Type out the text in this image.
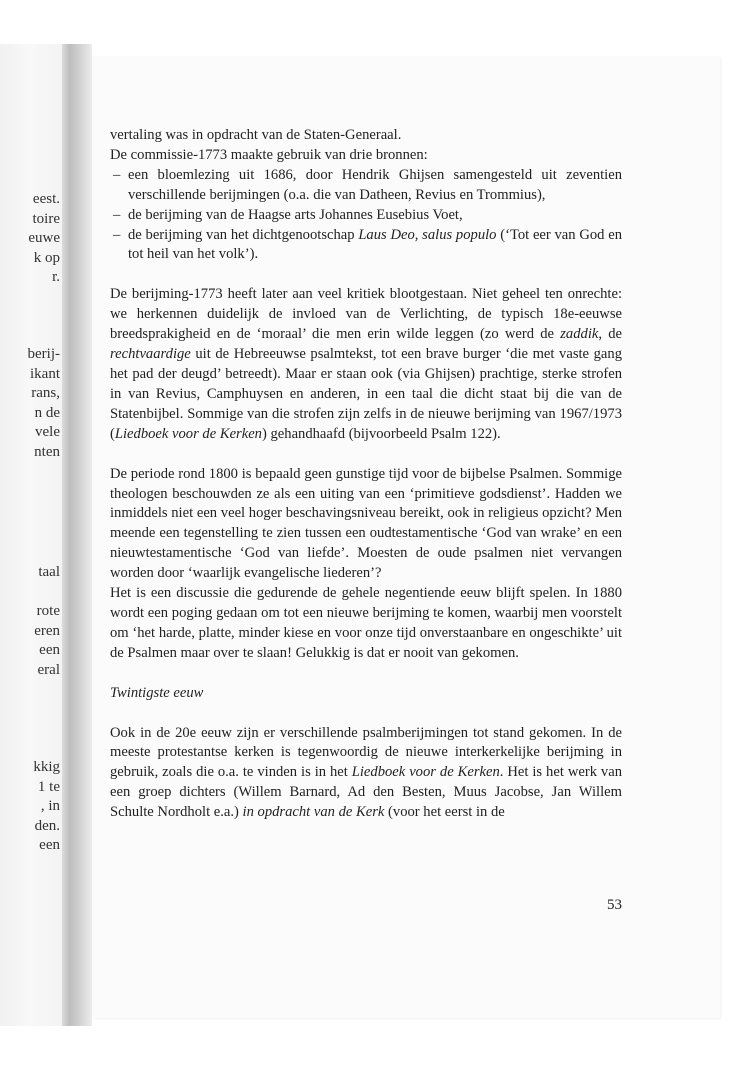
eest.
toire
euwe
k op
r.
berij-
ikant
rans,
n de
vele
nten
taal
rote
eren
een
eral
kkig
1 te
, in
den.
een

vertaling was in opdracht van de Staten-Generaal.

De commissie-1773 maakte gebruik van drie bronnen:

– een bloemlezing uit 1686, door Hendrik Ghijsen samengesteld uit zeventien verschillende berijmingen (o.a. die van Datheen, Revius en Trommius),
– de berijming van de Haagse arts Johannes Eusebius Voet,
– de berijming van het dichtgenootschap Laus Deo, salus populo (‘Tot eer van God en tot heil van het volk’).

De berijming-1773 heeft later aan veel kritiek blootgestaan. Niet geheel ten onrechte: we herkennen duidelijk de invloed van de Verlichting, de typisch 18e-eeuwse breedsprakigheid en de ‘moraal’ die men erin wilde leggen (zo werd de zaddik, de rechtvaardige uit de Hebreeuwse psalmtekst, tot een brave burger ‘die met vaste gang het pad der deugd’ betreedt). Maar er staan ook (via Ghijsen) prachtige, sterke strofen in van Revius, Camphuysen en anderen, in een taal die dicht staat bij die van de Statenbijbel. Sommige van die strofen zijn zelfs in de nieuwe berijming van 1967/1973 (Liedboek voor de Kerken) gehandhaafd (bijvoorbeeld Psalm 122).

De periode rond 1800 is bepaald geen gunstige tijd voor de bijbelse Psalmen. Sommige theologen beschouwden ze als een uiting van een ‘primitieve godsdienst’. Hadden we inmiddels niet een veel hoger beschavingsniveau bereikt, ook in religieus opzicht? Men meende een tegenstelling te zien tussen een oudtestamentische ‘God van wrake’ en een nieuwtestamentische ‘God van liefde’. Moesten de oude psalmen niet vervangen worden door ‘waarlijk evangelische liederen’?

Het is een discussie die gedurende de gehele negentiende eeuw blijft spelen. In 1880 wordt een poging gedaan om tot een nieuwe berijming te komen, waarbij men voorstelt om ‘het harde, platte, minder kiese en voor onze tijd onverstaanbare en ongeschikte’ uit de Psalmen maar over te slaan! Gelukkig is dat er nooit van gekomen.

Twintigste eeuw

Ook in de 20e eeuw zijn er verschillende psalmberijmingen tot stand gekomen. In de meeste protestantse kerken is tegenwoordig de nieuwe interkerkelijke berijming in gebruik, zoals die o.a. te vinden is in het Liedboek voor de Kerken. Het is het werk van een groep dichters (Willem Barnard, Ad den Besten, Muus Jacobse, Jan Willem Schulte Nordholt e.a.) in opdracht van de Kerk (voor het eerst in de

53
